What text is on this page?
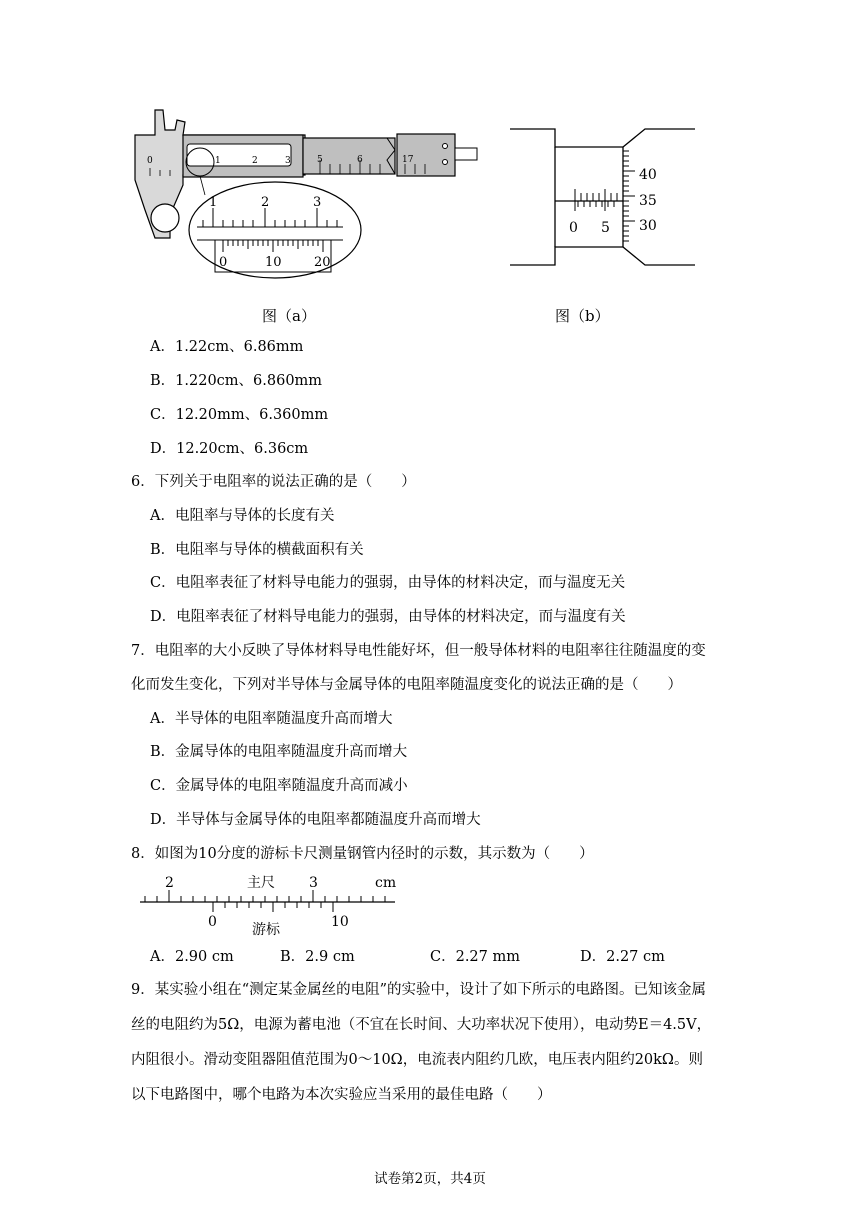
0	1	2	3	5	6	17
1	2	3
0	10 20
图（a）
0 5
40
35
30
图（b）
A．1.22cm、6.86mm
B．1.220cm、6.860mm
C．12.20mm、6.360mm
D．12.20cm、6.36cm
6．下列关于电阻率的说法正确的是（　　）
A．电阻率与导体的长度有关
B．电阻率与导体的横截面积有关
C．电阻率表征了材料导电能力的强弱，由导体的材料决定，而与温度无关
D．电阻率表征了材料导电能力的强弱，由导体的材料决定，而与温度有关
7．电阻率的大小反映了导体材料导电性能好坏，但一般导体材料的电阻率往往随温度的变
化而发生变化，下列对半导体与金属导体的电阻率随温度变化的说法正确的是（　　）
A．半导体的电阻率随温度升高而增大
B．金属导体的电阻率随温度升高而增大
C．金属导体的电阻率随温度升高而减小
D．半导体与金属导体的电阻率都随温度升高而增大
8．如图为10分度的游标卡尺测量钢管内径时的示数，其示数为（　　）
2	主尺 3	cm
0	游标	10
A．2.90 cm	B．2.9 cm	C．2.27 mm	D．2.27 cm
9．某实验小组在“测定某金属丝的电阻”的实验中，设计了如下所示的电路图。已知该金属
丝的电阻约为5Ω，电源为蓄电池（不宜在长时间、大功率状况下使用），电动势E＝4.5V，
内阻很小。滑动变阻器阻值范围为0～10Ω，电流表内阻约几欧，电压表内阻约20kΩ。则
以下电路图中，哪个电路为本次实验应当采用的最佳电路（　　）
试卷第2页，共4页
